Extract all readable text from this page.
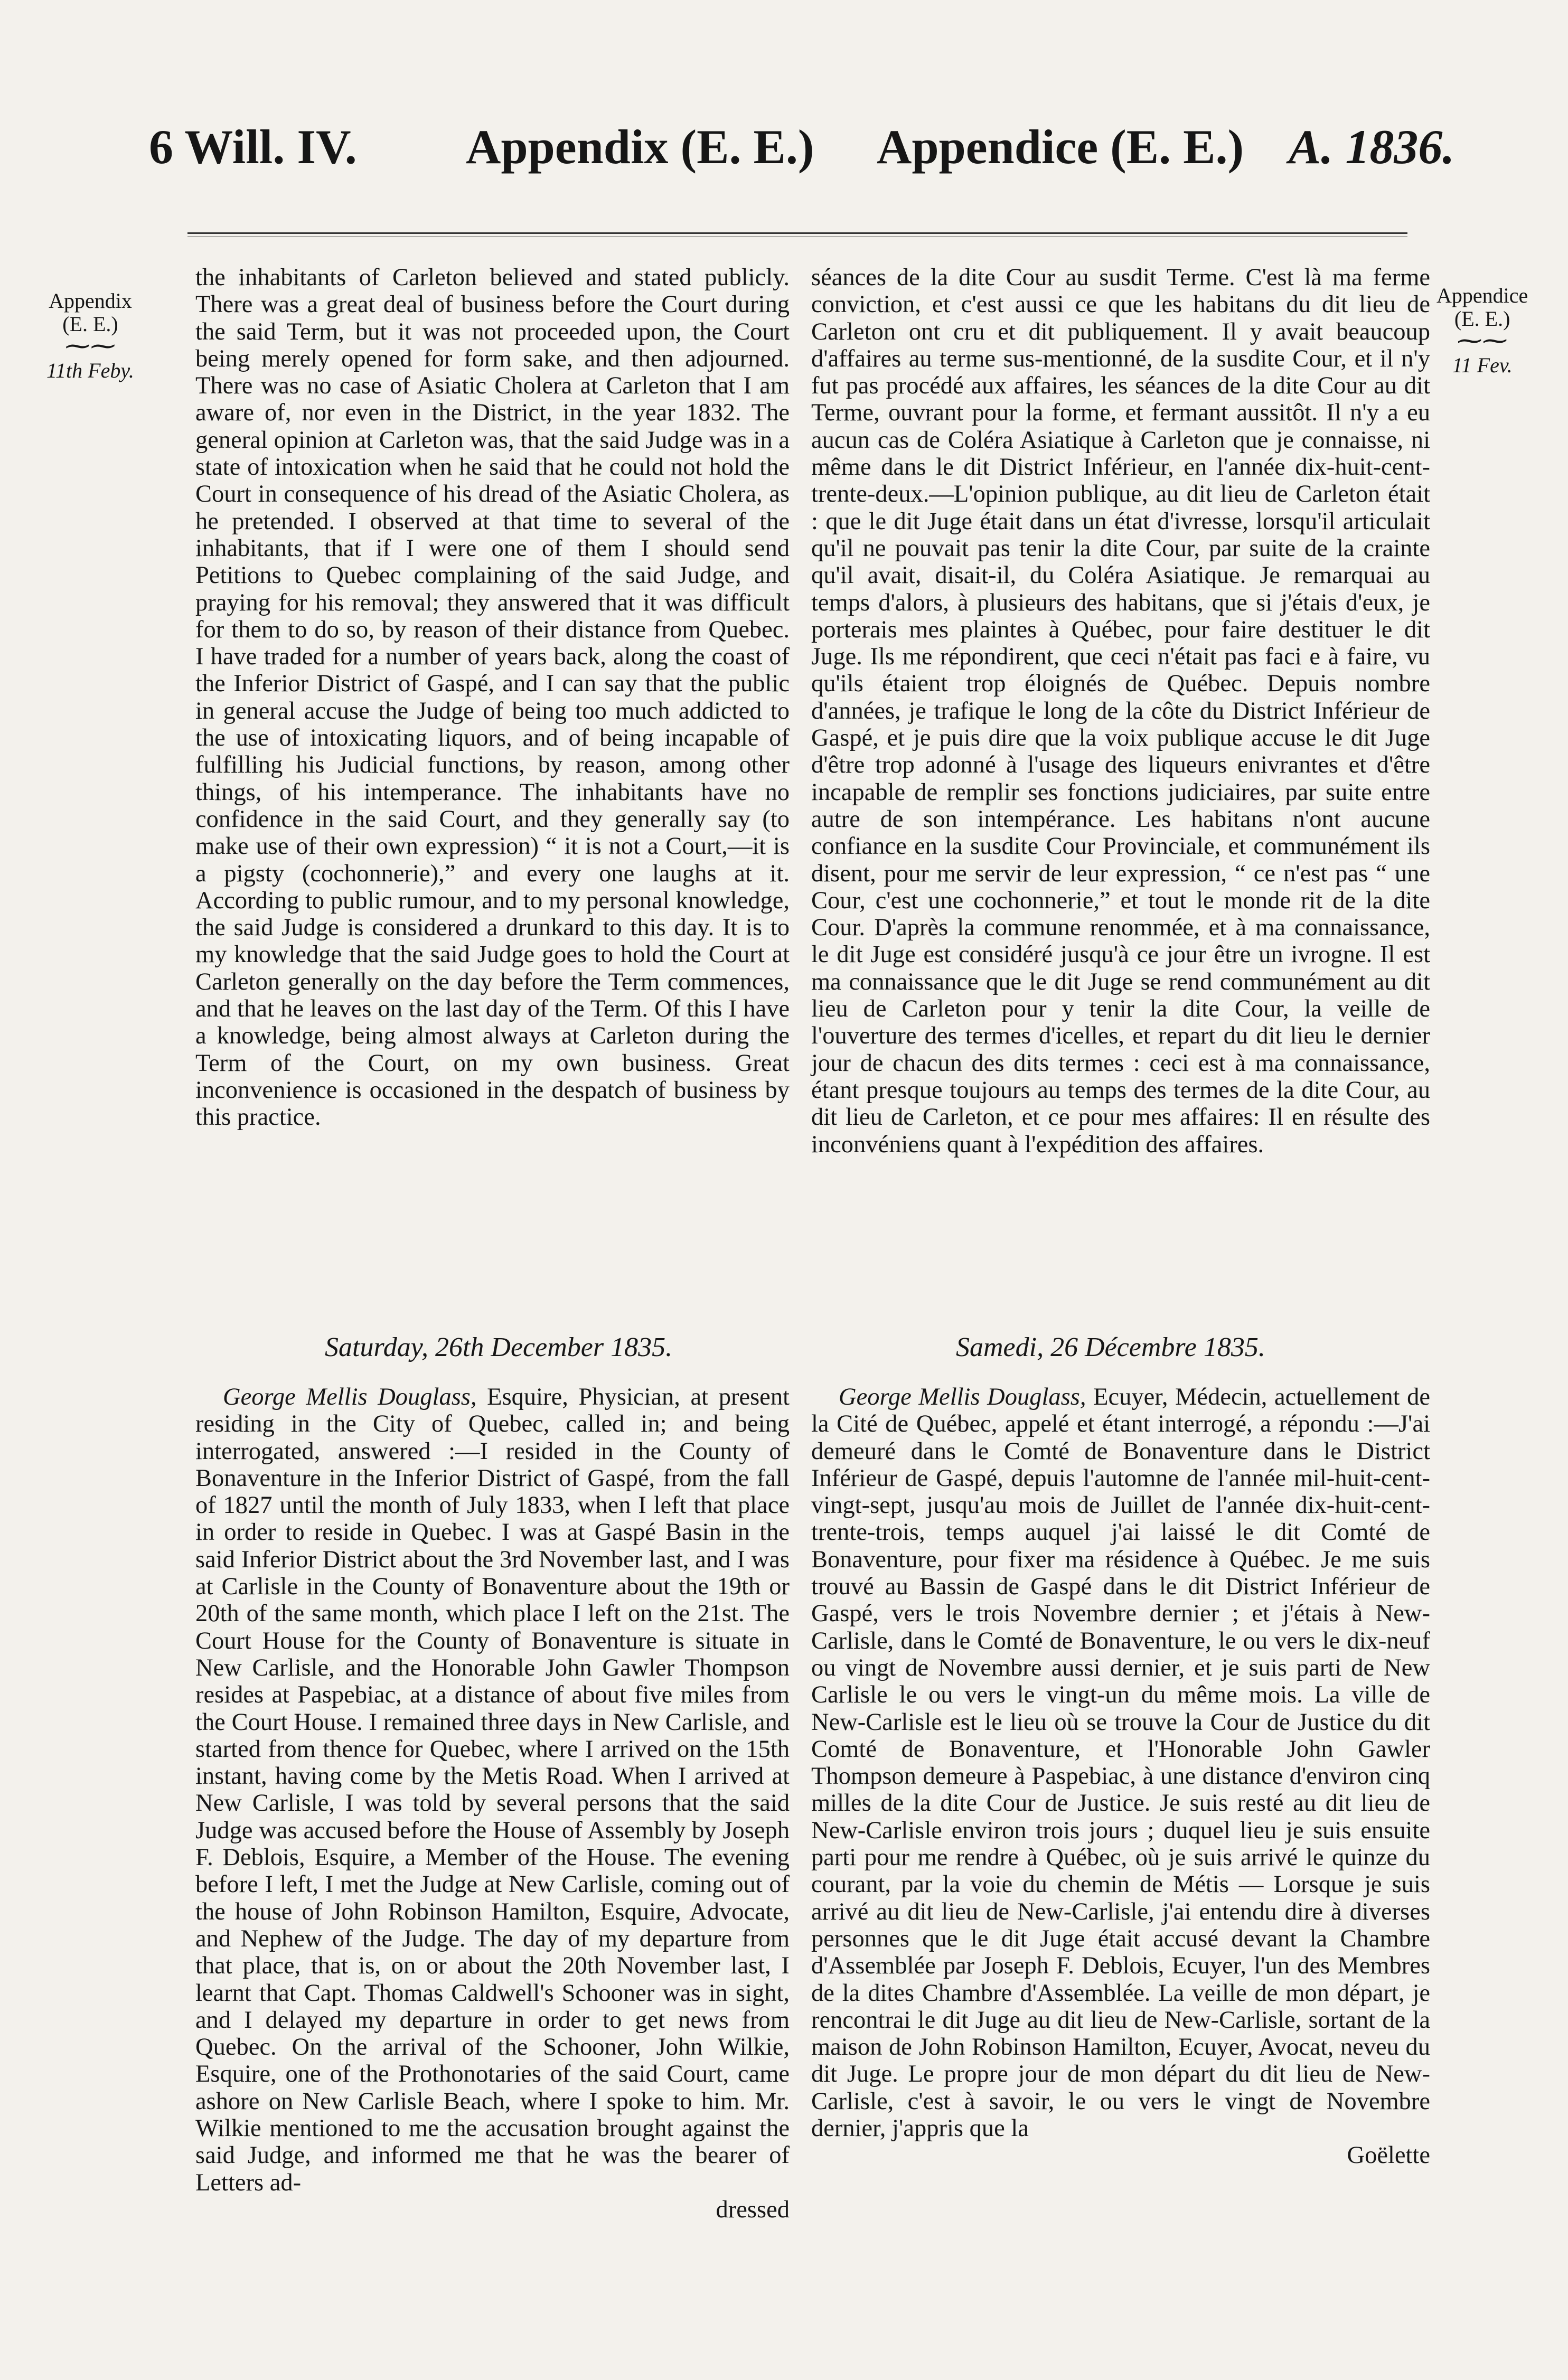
6 Will. IV. Appendix (E. E.) Appendice (E. E.) A. 1836.
Appendix
(E. E.)
⁓⁓
11th Feby.
Appendice
(E. E.)
⁓⁓
11 Fev.

the inhabitants of Carleton believed and stated publicly. There was a great deal of business before the Court during the said Term, but it was not proceeded upon, the Court being merely opened for form sake, and then adjourned. There was no case of Asiatic Cholera at Carleton that I am aware of, nor even in the District, in the year 1832. The general opinion at Carleton was, that the said Judge was in a state of intoxication when he said that he could not hold the Court in consequence of his dread of the Asiatic Cholera, as he pretended. I observed at that time to several of the inhabitants, that if I were one of them I should send Petitions to Quebec complaining of the said Judge, and praying for his removal; they answered that it was difficult for them to do so, by reason of their distance from Quebec. I have traded for a number of years back, along the coast of the Inferior District of Gaspé, and I can say that the public in general accuse the Judge of being too much addicted to the use of intoxicating liquors, and of being incapable of fulfilling his Judicial functions, by reason, among other things, of his intemperance. The inhabitants have no confidence in the said Court, and they generally say (to make use of their own expression) “ it is not a Court,—it is a pigsty (cochonnerie),” and every one laughs at it. According to public rumour, and to my personal knowledge, the said Judge is considered a drunkard to this day. It is to my knowledge that the said Judge goes to hold the Court at Carleton generally on the day before the Term commences, and that he leaves on the last day of the Term. Of this I have a knowledge, being almost always at Carleton during the Term of the Court, on my own business. Great inconvenience is occasioned in the despatch of business by this practice.

Saturday, 26th December 1835.

George Mellis Douglass, Esquire, Physician, at present residing in the City of Quebec, called in; and being interrogated, answered :—I resided in the County of Bonaventure in the Inferior District of Gaspé, from the fall of 1827 until the month of July 1833, when I left that place in order to reside in Quebec. I was at Gaspé Basin in the said Inferior District about the 3rd November last, and I was at Carlisle in the County of Bonaventure about the 19th or 20th of the same month, which place I left on the 21st. The Court House for the County of Bonaventure is situate in New Carlisle, and the Honorable John Gawler Thompson resides at Paspebiac, at a distance of about five miles from the Court House. I remained three days in New Carlisle, and started from thence for Quebec, where I arrived on the 15th instant, having come by the Metis Road. When I arrived at New Carlisle, I was told by several persons that the said Judge was accused before the House of Assembly by Joseph F. Deblois, Esquire, a Member of the House. The evening before I left, I met the Judge at New Carlisle, coming out of the house of John Robinson Hamilton, Esquire, Advocate, and Nephew of the Judge. The day of my departure from that place, that is, on or about the 20th November last, I learnt that Capt. Thomas Caldwell's Schooner was in sight, and I delayed my departure in order to get news from Quebec. On the arrival of the Schooner, John Wilkie, Esquire, one of the Prothonotaries of the said Court, came ashore on New Carlisle Beach, where I spoke to him. Mr. Wilkie mentioned to me the accusation brought against the said Judge, and informed me that he was the bearer of Letters ad-

dressed

séances de la dite Cour au susdit Terme. C'est là ma ferme conviction, et c'est aussi ce que les habitans du dit lieu de Carleton ont cru et dit publiquement. Il y avait beaucoup d'affaires au terme sus-mentionné, de la susdite Cour, et il n'y fut pas procédé aux affaires, les séances de la dite Cour au dit Terme, ouvrant pour la forme, et fermant aussitôt. Il n'y a eu aucun cas de Coléra Asiatique à Carleton que je connaisse, ni même dans le dit District Inférieur, en l'année dix-huit-cent-trente-deux.—L'opinion publique, au dit lieu de Carleton était : que le dit Juge était dans un état d'ivresse, lorsqu'il articulait qu'il ne pouvait pas tenir la dite Cour, par suite de la crainte qu'il avait, disait-il, du Coléra Asiatique. Je remarquai au temps d'alors, à plusieurs des habitans, que si j'étais d'eux, je porterais mes plaintes à Québec, pour faire destituer le dit Juge. Ils me répondirent, que ceci n'était pas faci e à faire, vu qu'ils étaient trop éloignés de Québec. Depuis nombre d'années, je trafique le long de la côte du District Inférieur de Gaspé, et je puis dire que la voix publique accuse le dit Juge d'être trop adonné à l'usage des liqueurs enivrantes et d'être incapable de remplir ses fonctions judiciaires, par suite entre autre de son intempérance. Les habitans n'ont aucune confiance en la susdite Cour Provinciale, et communément ils disent, pour me servir de leur expression, “ ce n'est pas “ une Cour, c'est une cochonnerie,” et tout le monde rit de la dite Cour. D'après la commune renommée, et à ma connaissance, le dit Juge est considéré jusqu'à ce jour être un ivrogne. Il est ma connaissance que le dit Juge se rend communément au dit lieu de Carleton pour y tenir la dite Cour, la veille de l'ouverture des termes d'icelles, et repart du dit lieu le dernier jour de chacun des dits termes : ceci est à ma connaissance, étant presque toujours au temps des termes de la dite Cour, au dit lieu de Carleton, et ce pour mes affaires: Il en résulte des inconvéniens quant à l'expédition des affaires.

Samedi, 26 Décembre 1835.

George Mellis Douglass, Ecuyer, Médecin, actuellement de la Cité de Québec, appelé et étant interrogé, a répondu :—J'ai demeuré dans le Comté de Bonaventure dans le District Inférieur de Gaspé, depuis l'automne de l'année mil-huit-cent-vingt-sept, jusqu'au mois de Juillet de l'année dix-huit-cent-trente-trois, temps auquel j'ai laissé le dit Comté de Bonaventure, pour fixer ma résidence à Québec. Je me suis trouvé au Bassin de Gaspé dans le dit District Inférieur de Gaspé, vers le trois Novembre dernier ; et j'étais à New-Carlisle, dans le Comté de Bonaventure, le ou vers le dix-neuf ou vingt de Novembre aussi dernier, et je suis parti de New Carlisle le ou vers le vingt-un du même mois. La ville de New-Carlisle est le lieu où se trouve la Cour de Justice du dit Comté de Bonaventure, et l'Honorable John Gawler Thompson demeure à Paspebiac, à une distance d'environ cinq milles de la dite Cour de Justice. Je suis resté au dit lieu de New-Carlisle environ trois jours ; duquel lieu je suis ensuite parti pour me rendre à Québec, où je suis arrivé le quinze du courant, par la voie du chemin de Métis — Lorsque je suis arrivé au dit lieu de New-Carlisle, j'ai entendu dire à diverses personnes que le dit Juge était accusé devant la Chambre d'Assemblée par Joseph F. Deblois, Ecuyer, l'un des Membres de la dites Chambre d'Assemblée. La veille de mon départ, je rencontrai le dit Juge au dit lieu de New-Carlisle, sortant de la maison de John Robinson Hamilton, Ecuyer, Avocat, neveu du dit Juge. Le propre jour de mon départ du dit lieu de New-Carlisle, c'est à savoir, le ou vers le vingt de Novembre dernier, j'appris que la

Goëlette
